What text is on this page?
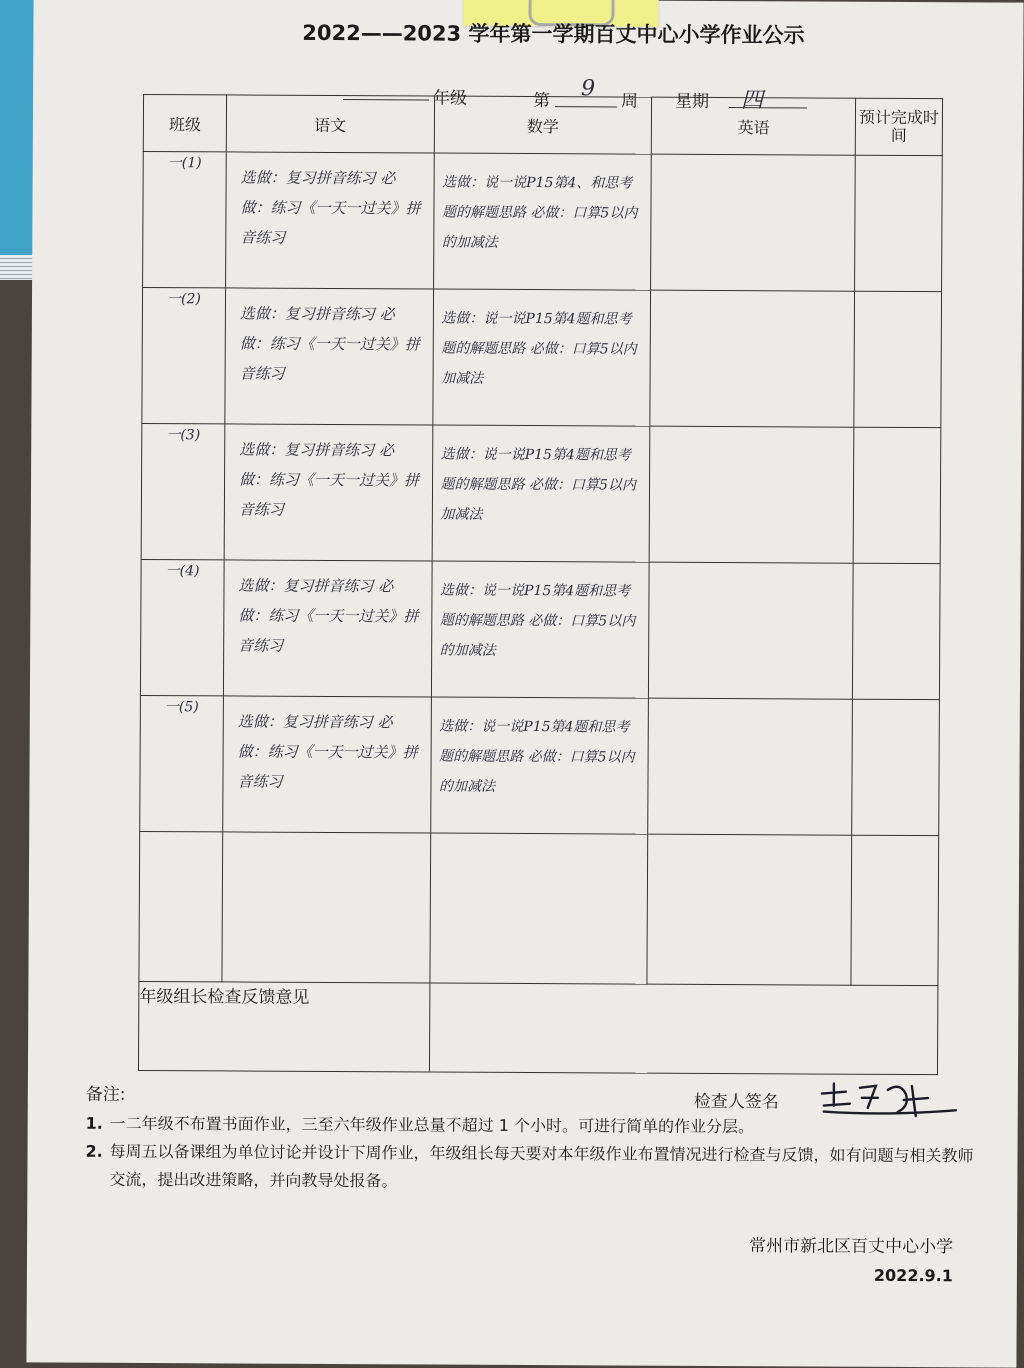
2022——2023 学年第一学期百丈中心小学作业公示
年级	第 9
周 星期 四
班级	语文	数学	英语	预计完成时间
一(1)	选做：复习拼音练习 必做：练习《一天一过关》拼音练习	选做：说一说P15第4、和思考题的解题思路 必做：口算5以内的加减法		

一(2)	选做：复习拼音练习 必做：练习《一天一过关》拼音练习	选做：说一说P15第4题和思考题的解题思路 必做：口算5以内加减法		

一(3)	选做：复习拼音练习 必做：练习《一天一过关》拼音练习	选做：说一说P15第4题和思考题的解题思路 必做：口算5以内加减法		

一(4)	选做：复习拼音练习 必做：练习《一天一过关》拼音练习	选做：说一说P15第4题和思考题的解题思路 必做：口算5以内的加减法		

一(5)	选做：复习拼音练习 必做：练习《一天一过关》拼音练习	选做：说一说P15第4题和思考题的解题思路 必做：口算5以内的加减法		

年级组长检查反馈意见				
备注:	检查人签名
1. 一二年级不布置书面作业，三至六年级作业总量不超过 1 个小时。可进行简单的作业分层。
2. 每周五以备课组为单位讨论并设计下周作业，年级组长每天要对本年级作业布置情况进行检查与反馈，如有问题与相关教师交流，提出改进策略，并向教导处报备。
常州市新北区百丈中心小学
2022.9.1
